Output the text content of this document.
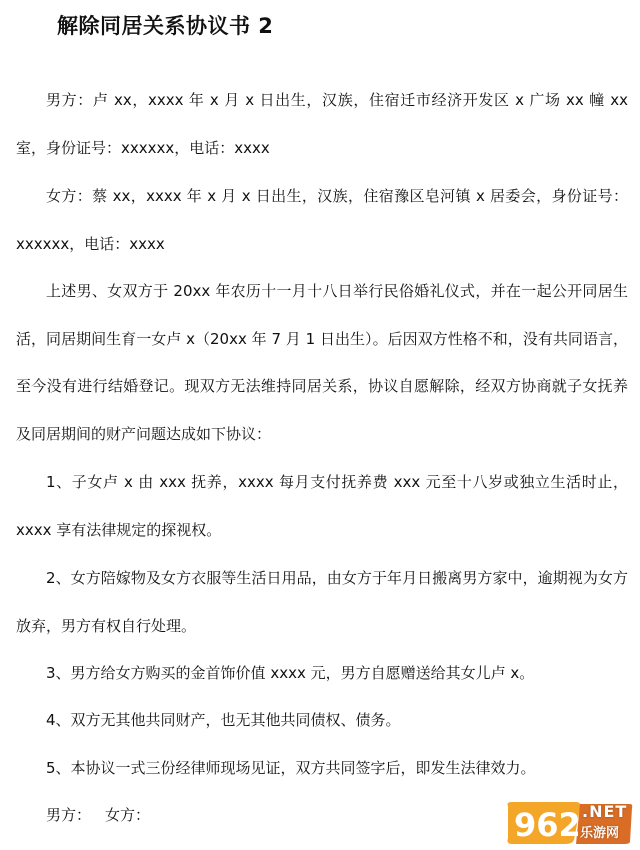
解除同居关系协议书 2

男方：卢 xx，xxxx 年 x 月 x 日出生，汉族，住宿迁市经济开发区 x 广场 xx 幢 xx 室，身份证号：xxxxxx，电话：xxxx

女方：蔡 xx，xxxx 年 x 月 x 日出生，汉族，住宿豫区皂河镇 x 居委会，身份证号：xxxxxx，电话：xxxx

上述男、女双方于 20xx 年农历十一月十八日举行民俗婚礼仪式，并在一起公开同居生活，同居期间生育一女卢 x（20xx 年 7 月 1 日出生）。后因双方性格不和，没有共同语言，至今没有进行结婚登记。现双方无法维持同居关系，协议自愿解除，经双方协商就子女抚养及同居期间的财产问题达成如下协议：

1、子女卢 x 由 xxx 抚养，xxxx 每月支付抚养费 xxx 元至十八岁或独立生活时止，xxxx 享有法律规定的探视权。

2、女方陪嫁物及女方衣服等生活日用品，由女方于年月日搬离男方家中，逾期视为女方放弃，男方有权自行处理。

3、男方给女方购买的金首饰价值 xxxx 元，男方自愿赠送给其女儿卢 x。

4、双方无其他共同财产，也无其他共同债权、债务。

5、本协议一式三份经律师现场见证，双方共同签字后，即发生法律效力。

男方： 女方：	962 .NET
乐游网
